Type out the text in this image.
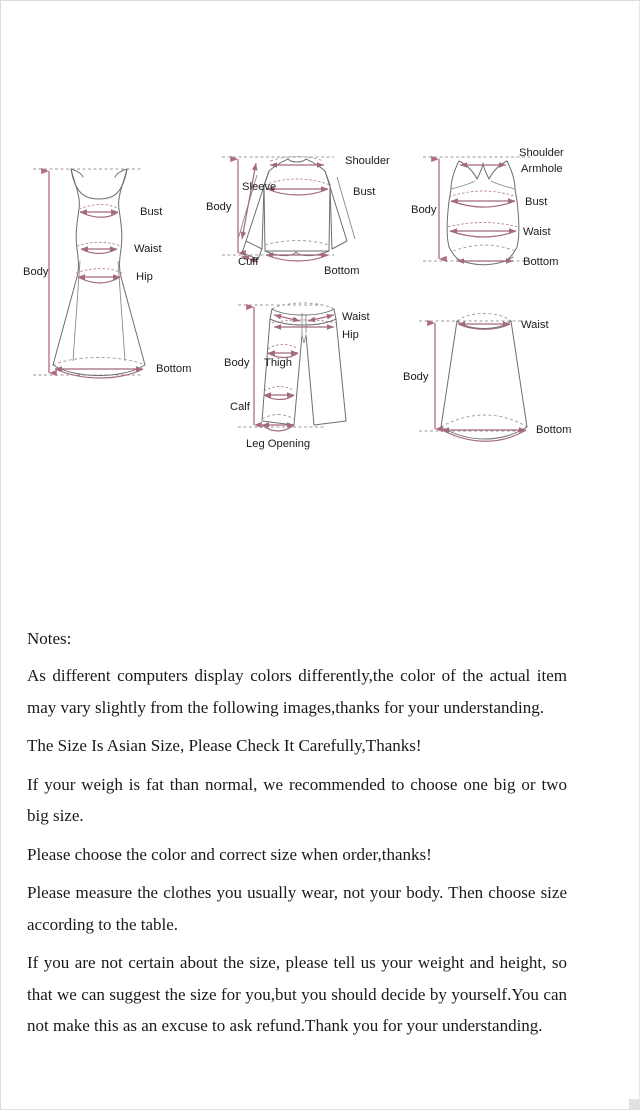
Body
Bust
Waist
Hip
Bottom
Body
Sleeve
Shoulder
Bust
Cuff
Bottom
Body
Shoulder
Armhole
Bust
Waist
Bottom
Body
Waist
Hip
Thigh
Calf
Leg Opening
Body
Waist
Bottom
Notes:

As different computers display colors differently,the color of the actual item may vary slightly from the following images,thanks for your understanding.

The Size Is Asian Size, Please Check It Carefully,Thanks!

If your weigh is fat than normal, we recommended to choose one big or two big size.

Please choose the color and correct size when order,thanks!

Please measure the clothes you usually wear, not your body. Then choose size according to the table.

If you are not certain about the size, please tell us your weight and height, so that we can suggest the size for you,but you should decide by yourself.You can not make this as an excuse to ask refund.Thank you for your understanding.
